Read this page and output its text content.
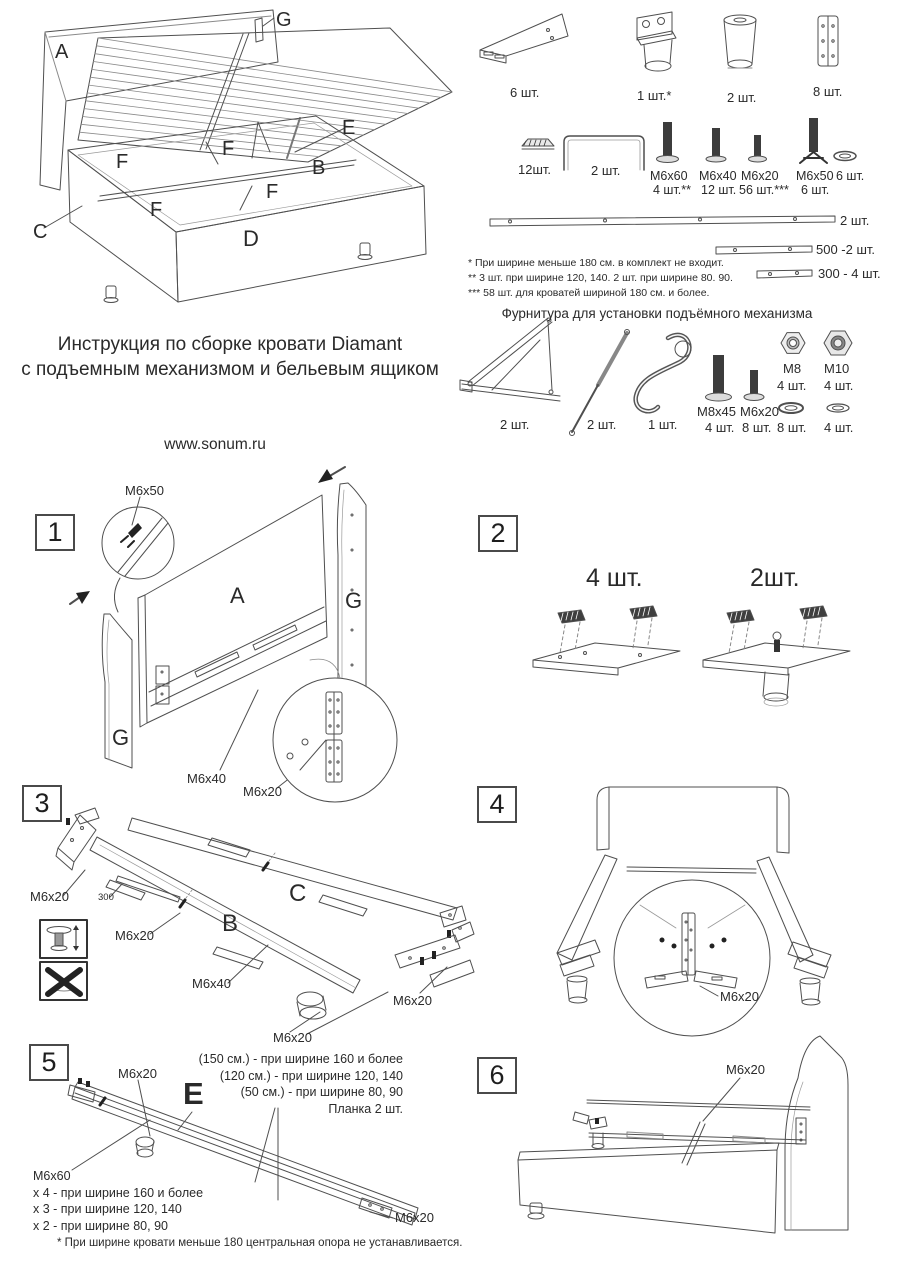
G
A
E
B
F
F
F
F
C	D
6 шт.	1 шт.*	2 шт.	8 шт.
12шт.	2 шт. М6х60
4 шт.**
М6х40
12 шт.
М6х20
56 шт.***
М6х50
6 шт.
6 шт.
2 шт.
500 -2 шт.
300 - 4 шт.
* При ширине меньше 180 см. в комплект не входит.
** 3 шт. при ширине 120, 140. 2 шт. при ширине 80. 90.
*** 58 шт. для кроватей шириной 180 см. и более.
Фурнитура для установки подъёмного механизма
2 шт.	2 шт. 1 шт.
М8х45
4 шт.
М6х20
8 шт.
М8
4 шт.
М10
4 шт.
8 шт. 4 шт.
Инструкция по сборке кровати Diamant
с подъемным механизмом и бельевым ящиком
www.sonum.ru
1	2
3	4
5	6
M6x50
A	G
G
М6х40
М6х20
4 шт.	2шт.
М6х20	300
М6х20	B
C
М6х40
М6х20
М6х20
М6х20
М6х20
E
(150 см.) - при ширине 160 и более
(120 см.) - при ширине 120, 140
(50 см.) - при ширине 80, 90
Планка 2 шт.
М6х60
x 4 - при ширине 160 и более
x 3 - при ширине 120, 140
x 2 - при ширине 80, 90
М6х20
М6х20
* При ширине кровати меньше 180 центральная опора не устанавливается.
